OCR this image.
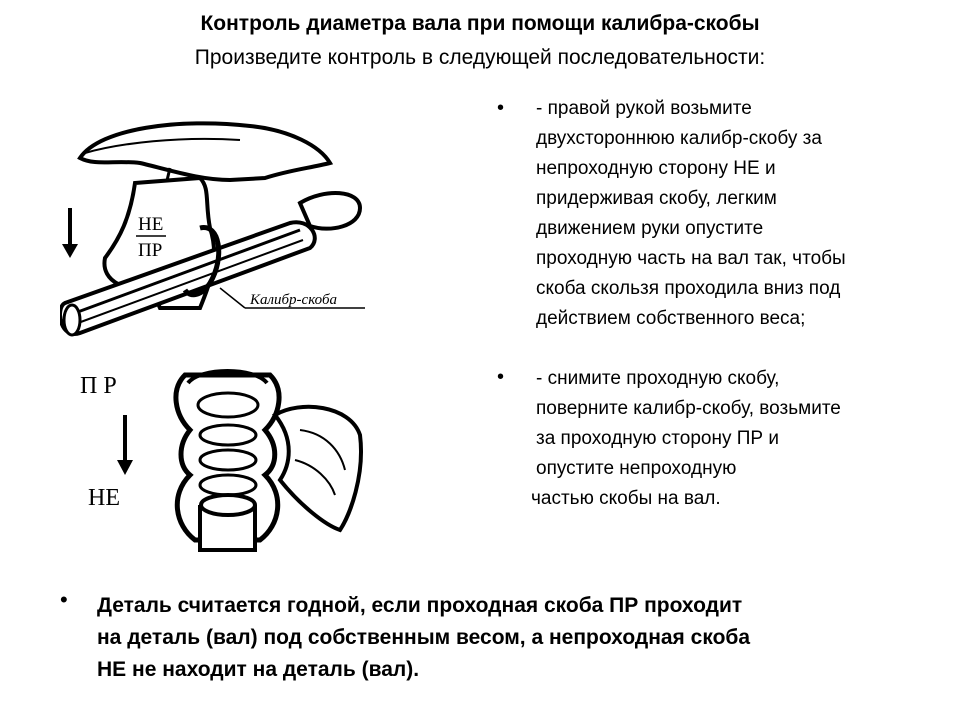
Контроль диаметра вала при помощи калибра-скобы
Произведите контроль в следующей последовательности:
НЕ
ПР
Калибр-скоба
П Р
НЕ
• - правой рукой возьмите
двухстороннюю калибр-скобу за
непроходную сторону НЕ и
придерживая скобу, легким
движением руки опустите
проходную часть на вал так, чтобы
скоба скользя проходила вниз под
действием собственного веса;
• - снимите проходную скобу,
поверните калибр-скобу, возьмите
за проходную сторону ПР и
опустите непроходную
частью скобы на вал.
• Деталь считается годной, если проходная скоба ПР проходит
на деталь (вал) под собственным весом, а непроходная скоба
НЕ не находит на деталь (вал).
